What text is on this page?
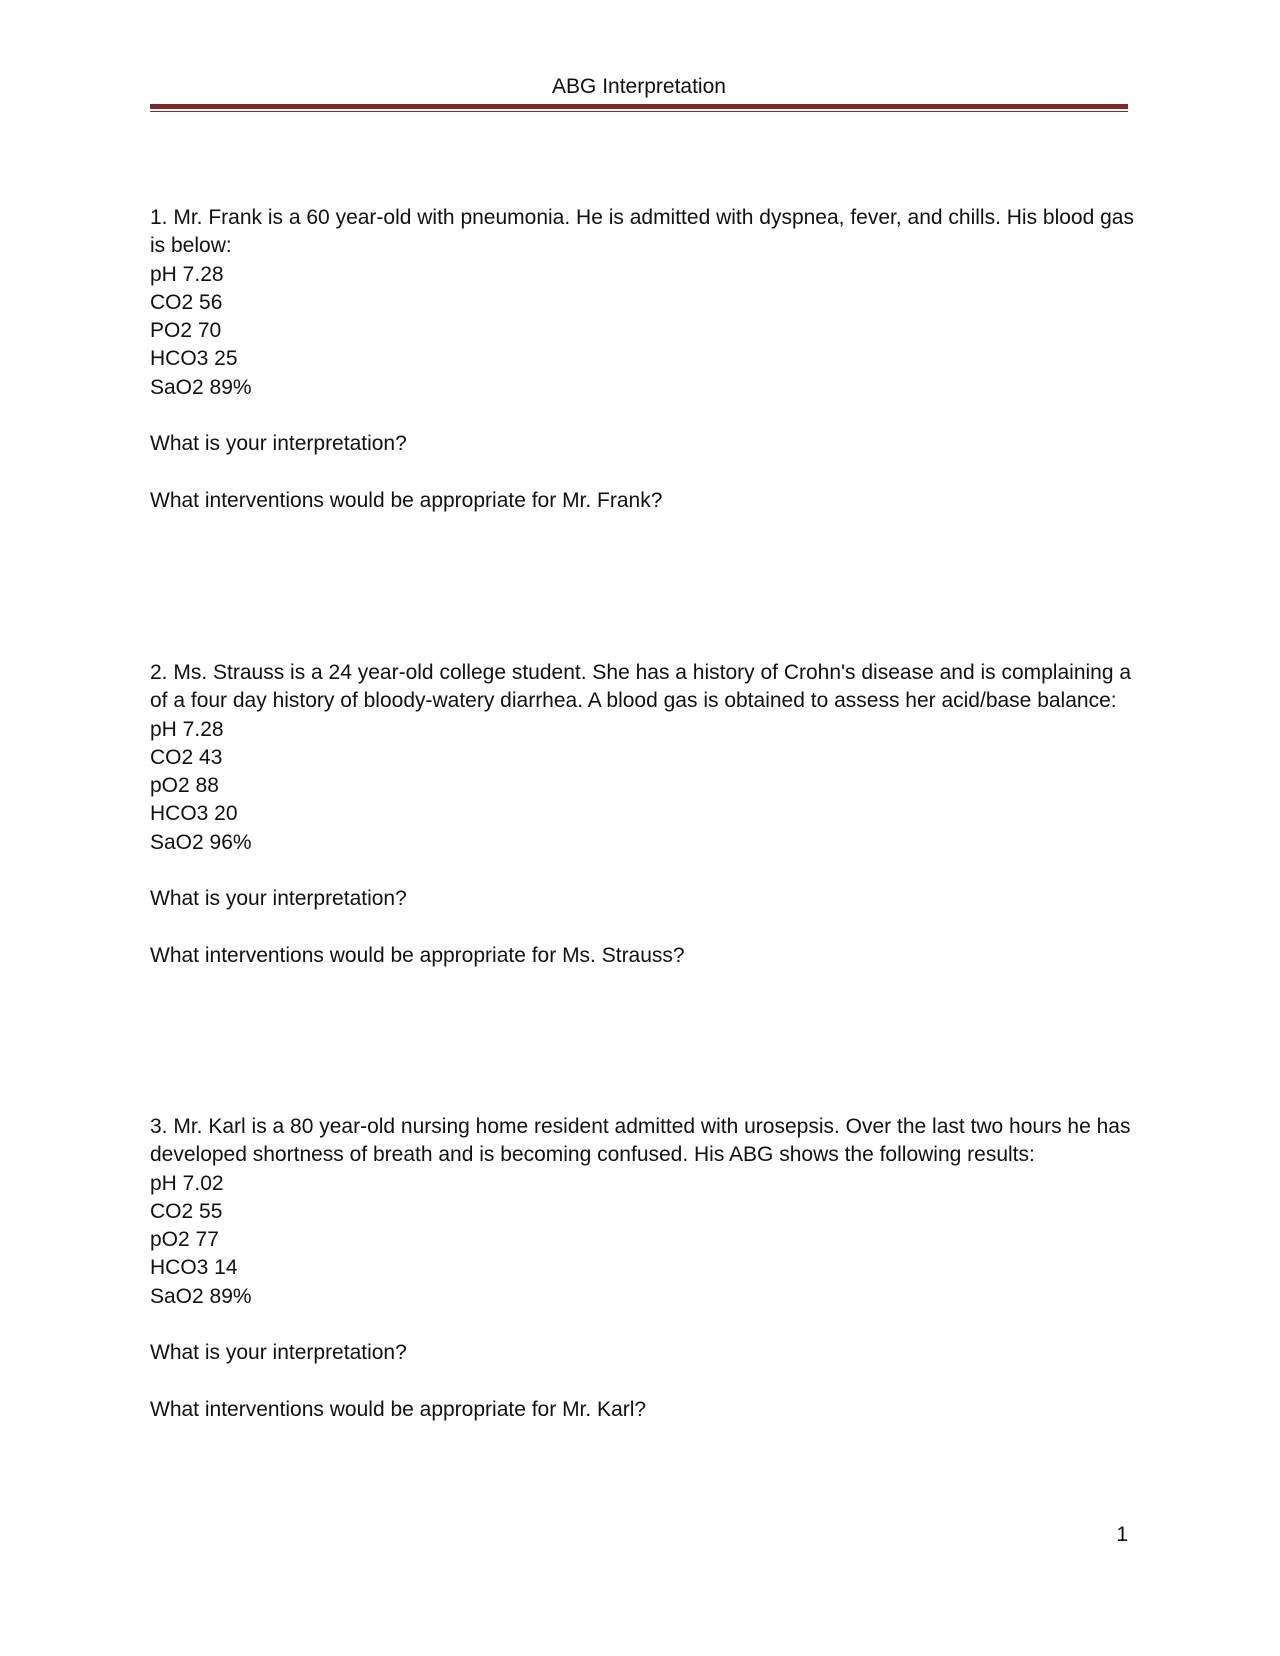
ABG Interpretation

1. Mr. Frank is a 60 year-old with pneumonia. He is admitted with dyspnea, fever, and chills. His blood gas is below:

pH 7.28
CO2 56
PO2 70
HCO3 25
SaO2 89%

What is your interpretation?

What interventions would be appropriate for Mr. Frank?

2. Ms. Strauss is a 24 year-old college student. She has a history of Crohn's disease and is complaining a of a four day history of bloody-watery diarrhea. A blood gas is obtained to assess her acid/base balance:

pH 7.28
CO2 43
pO2 88
HCO3 20
SaO2 96%

What is your interpretation?

What interventions would be appropriate for Ms. Strauss?

3. Mr. Karl is a 80 year-old nursing home resident admitted with urosepsis. Over the last two hours he has developed shortness of breath and is becoming confused. His ABG shows the following results:

pH 7.02
CO2 55
pO2 77
HCO3 14
SaO2 89%

What is your interpretation?

What interventions would be appropriate for Mr. Karl?

1
